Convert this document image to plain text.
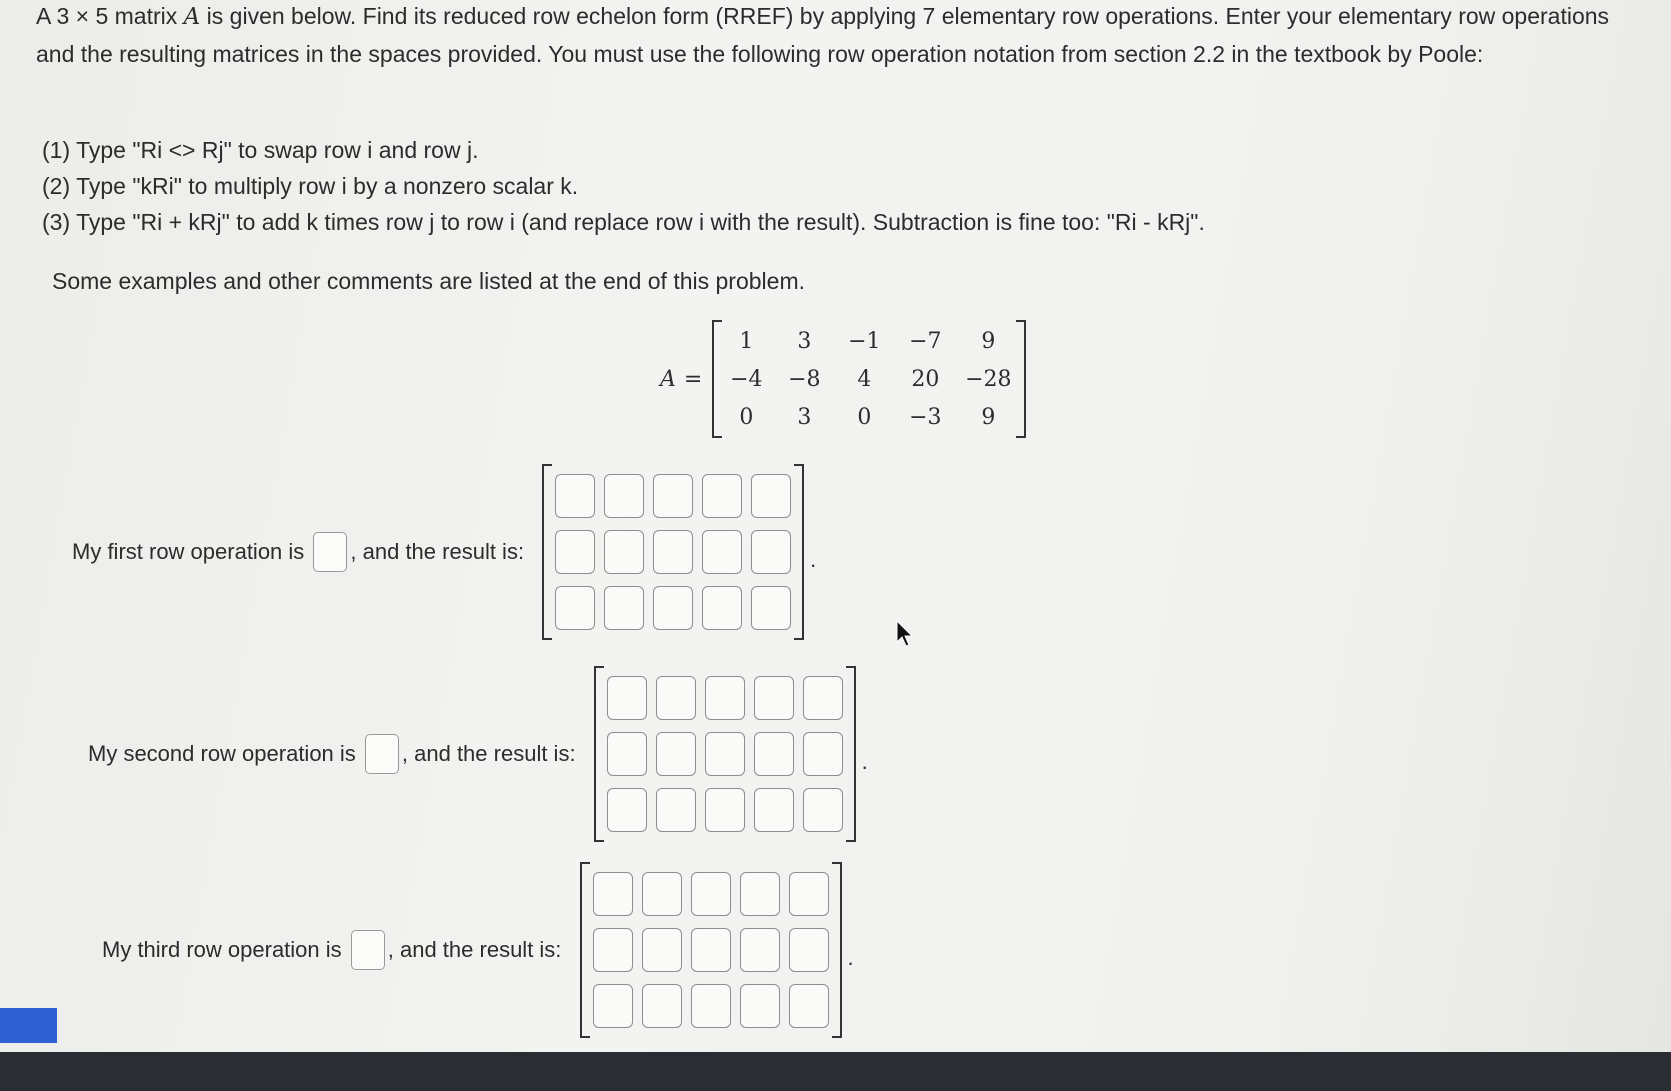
A 3 × 5 matrix A is given below. Find its reduced row echelon form (RREF) by applying 7 elementary row operations. Enter your elementary row operations and the resulting matrices in the spaces provided. You must use the following row operation notation from section 2.2 in the textbook by Poole:

(1) Type "Ri <> Rj" to swap row i and row j.
(2) Type "kRi" to multiply row i by a nonzero scalar k.
(3) Type "Ri + kRj" to add k times row j to row i (and replace row i with the result). Subtraction is fine too: "Ri - kRj".
Some examples and other comments are listed at the end of this problem.
A =
1 3 −1 −7 9
−4 −8 4 20 −28
0 3 0 −3 9
My first row operation is , and the result is:	.
My second row operation is , and the result is:	.
My third row operation is , and the result is:	.
